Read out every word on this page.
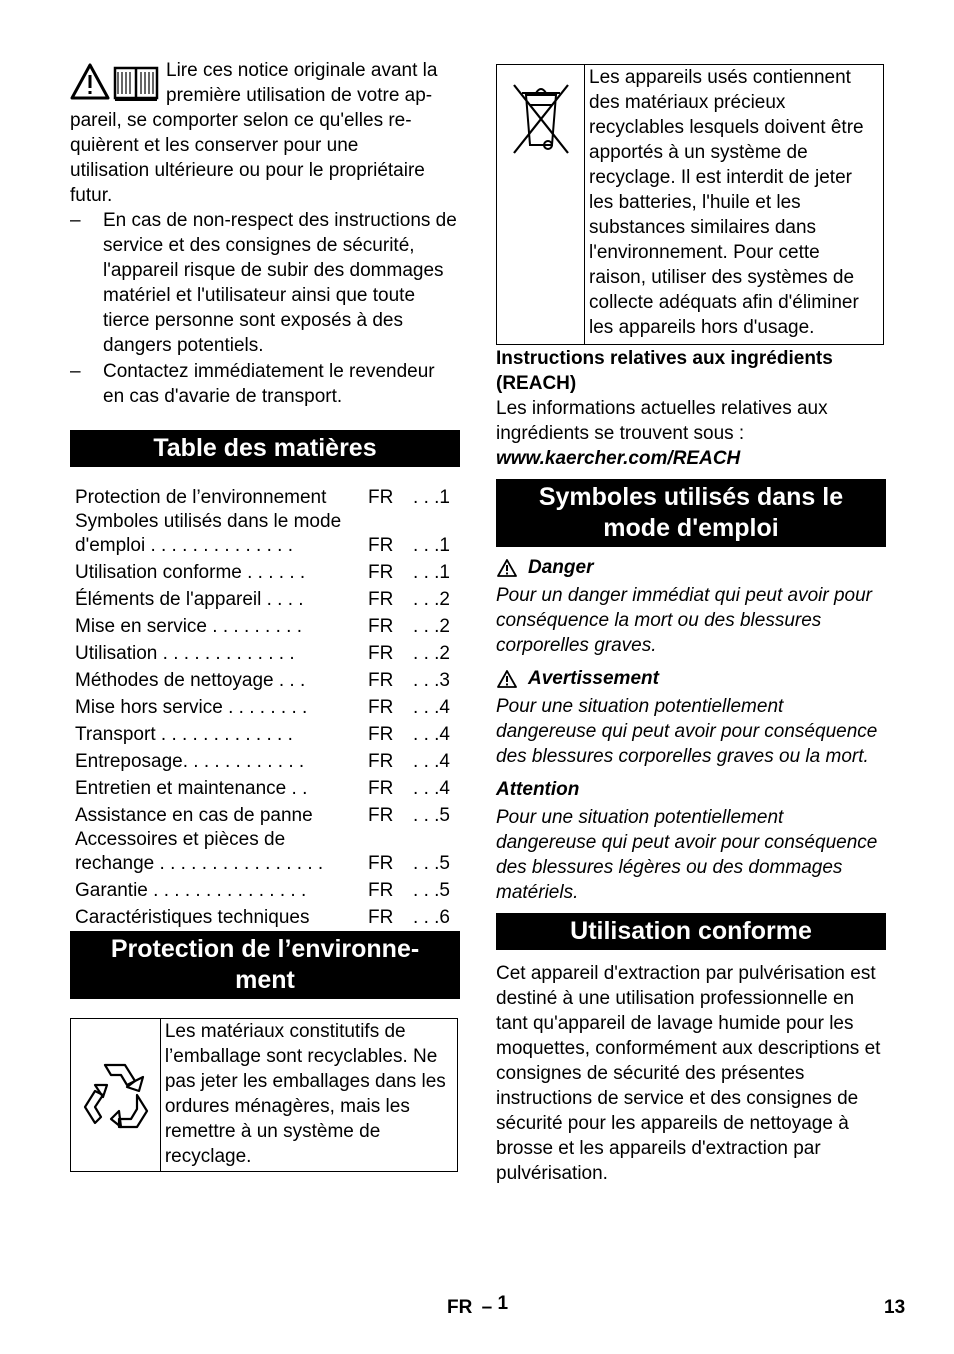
Lire ces notice originale avant la

première utilisation de votre ap-

pareil, se comporter selon ce qu'elles re-

quièrent et les conserver pour une

utilisation ultérieure ou pour le propriétaire

futur.

–	En cas de non-respect des instructions de service et des consignes de sécurité, l'appareil risque de subir des dommages matériel et l'utilisateur ainsi que toute tierce personne sont exposés à des dangers potentiels.
–	Contactez immédiatement le revendeur en cas d'avarie de transport.
Table des matières
Protection de l’environnement	FR	. . .1
Symboles utilisés dans le mode d'emploi . . . . . . . . . . . . . .	FR	. . .1
Utilisation conforme . . . . . .	FR	. . .1
Éléments de l'appareil . . . .	FR	. . .2
Mise en service . . . . . . . . .	FR	. . .2
Utilisation . . . . . . . . . . . . .	FR	. . .2
Méthodes de nettoyage . . .	FR	. . .3
Mise hors service . . . . . . . .	FR	. . .4
Transport . . . . . . . . . . . . .	FR	. . .4
Entreposage. . . . . . . . . . . .	FR	. . .4
Entretien et maintenance . .	FR	. . .4
Assistance en cas de panne	FR	. . .5
Accessoires et pièces de rechange . . . . . . . . . . . . . . . .	FR	. . .5
Garantie . . . . . . . . . . . . . . .	FR	. . .5
Caractéristiques techniques	FR	. . .6
Protection de l’environne-
ment
Les matériaux constitutifs de l’emballage sont recyclables. Ne pas jeter les emballages dans les ordures ménagères, mais les remettre à un système de recyclage.
Les appareils usés contiennent des matériaux précieux recyclables lesquels doivent être apportés à un système de recyclage. Il est interdit de jeter les batteries, l'huile et les substances similaires dans l'environnement. Pour cette raison, utiliser des systèmes de collecte adéquats afin d'éliminer les appareils hors d'usage.

Instructions relatives aux ingrédients (REACH)

Les informations actuelles relatives aux ingrédients se trouvent sous :

www.kaercher.com/REACH

Symboles utilisés dans le
mode d'emploi
Danger

Pour un danger immédiat qui peut avoir pour conséquence la mort ou des blessures corporelles graves.

Avertissement

Pour une situation potentiellement dangereuse qui peut avoir pour conséquence des blessures corporelles graves ou la mort.

Attention

Pour une situation potentiellement dangereuse qui peut avoir pour conséquence des blessures légères ou des dommages matériels.

Utilisation conforme

Cet appareil d'extraction par pulvérisation est destiné à une utilisation professionnelle en tant qu'appareil de lavage humide pour les moquettes, conformément aux descriptions et consignes de sécurité des présentes instructions de service et des consignes de sécurité pour les appareils de nettoyage à brosse et les appareils d'extraction par pulvérisation.

FR – 1	13
